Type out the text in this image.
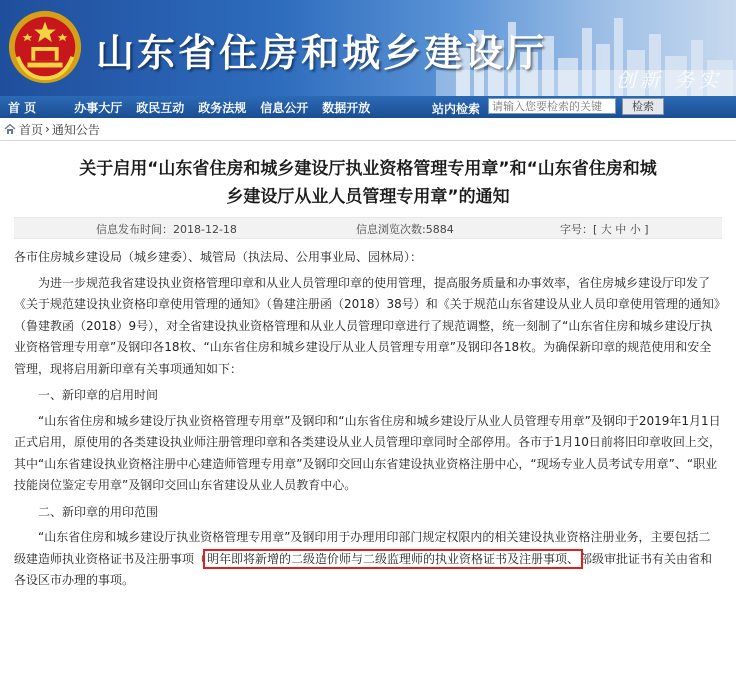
山东省住房和城乡建设厅
创新 务实
首 页	办事大厅	政民互动	政务法规	信息公开	数据开放	站内检索
请输入您要检索的关键	检索
首页 › 通知公告
关于启用“山东省住房和城乡建设厅执业资格管理专用章”和“山东省住房和城
乡建设厅从业人员管理专用章”的通知
信息发布时间：2018-12-18	信息浏览次数:5884	字号：[ 大 中 小 ]

各市住房城乡建设局（城乡建委）、城管局（执法局、公用事业局、园林局）：

为进一步规范我省建设执业资格管理印章和从业人员管理印章的使用管理，提高服务质量和办事效率，省住房城乡建设厅印发了《关于规范建设执业资格印章使用管理的通知》（鲁建注册函（2018）38号）和《关于规范山东省建设从业人员印章使用管理的通知》（鲁建教函（2018）9号），对全省建设执业资格管理和从业人员管理印章进行了规范调整，统一刻制了“山东省住房和城乡建设厅执业资格管理专用章”及钢印各18枚、“山东省住房和城乡建设厅从业人员管理专用章”及钢印各18枚。为确保新印章的规范使用和安全管理，现将启用新印章有关事项通知如下：

一、新印章的启用时间

“山东省住房和城乡建设厅执业资格管理专用章”及钢印和“山东省住房和城乡建设厅从业人员管理专用章”及钢印于2019年1月1日正式启用，原使用的各类建设执业师注册管理印章和各类建设从业人员管理印章同时全部停用。各市于1月10日前将旧印章收回上交，其中“山东省建设执业资格注册中心建造师管理专用章”及钢印交回山东省建设执业资格注册中心，“现场专业人员考试专用章”、“职业技能岗位鉴定专用章”及钢印交回山东省建设从业人员教育中心。

二、新印章的用印范围

“山东省住房和城乡建设厅执业资格管理专用章”及钢印用于办理用印部门规定权限内的相关建设执业资格注册业务，主要包括二级建造师执业资格证书及注册事项（明年即将新增的二级造价师与二级监理师的执业资格证书及注册事项、部级审批证书有关由省和各设区市办理的事项。
